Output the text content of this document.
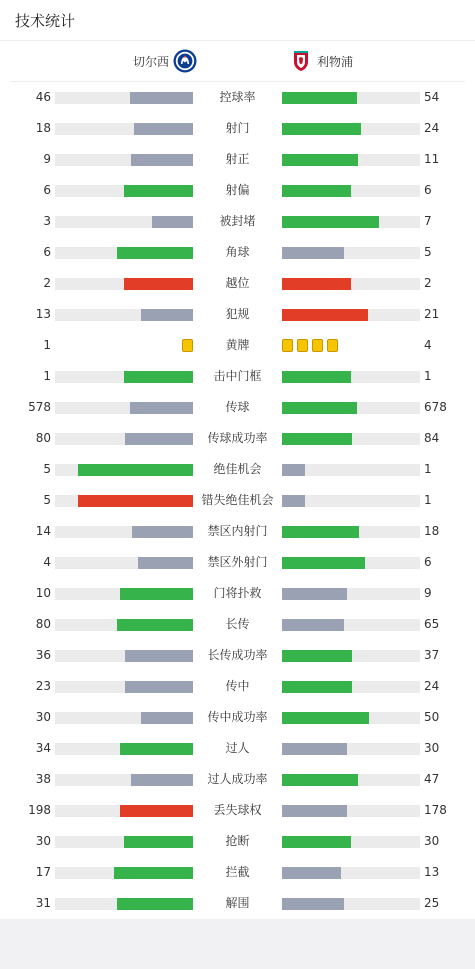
技术统计
切尔西	利物浦
46	控球率	54
18	射门	24
9	射正	11
6	射偏	6
3	被封堵	7
6	角球	5
2	越位	2
13	犯规	21
1	黄牌	4
1	击中门框	1
578	传球	678
80	传球成功率	84
5	绝佳机会	1
5	错失绝佳机会	1
14	禁区内射门	18
4	禁区外射门	6
10	门将扑救	9
80	长传	65
36	长传成功率	37
23	传中	24
30	传中成功率	50
34	过人	30
38	过人成功率	47
198	丢失球权	178
30	抢断	30
17	拦截	13
31	解围	25
